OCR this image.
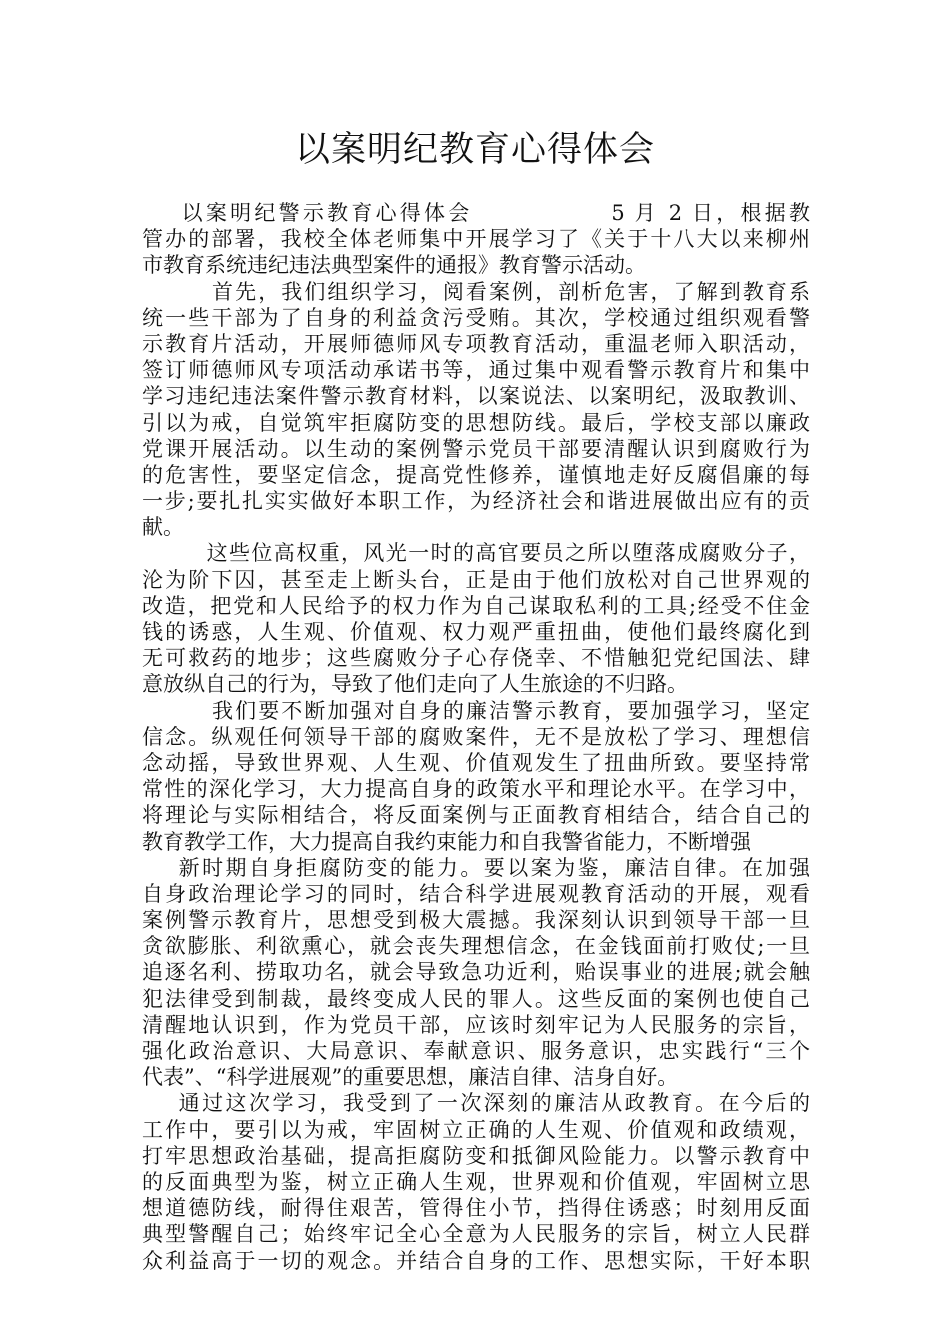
以案明纪教育心得体会
以案明纪警示教育心得体会              5 月 2 日，根据教
管办的部署，我校全体老师集中开展学习了《关于十八大以来柳州
市教育系统违纪违法典型案件的通报》教育警示活动。
首先，我们组织学习，阅看案例，剖析危害，了解到教育系
统一些干部为了自身的利益贪污受贿。其次，学校通过组织观看警
示教育片活动，开展师德师风专项教育活动，重温老师入职活动，
签订师德师风专项活动承诺书等，通过集中观看警示教育片和集中
学习违纪违法案件警示教育材料，以案说法、以案明纪，汲取教训、
引以为戒，自觉筑牢拒腐防变的思想防线。最后，学校支部以廉政
党课开展活动。以生动的案例警示党员干部要清醒认识到腐败行为
的危害性，要坚定信念，提高党性修养，谨慎地走好反腐倡廉的每
一步;要扎扎实实做好本职工作，为经济社会和谐进展做出应有的贡
献。
这些位高权重，风光一时的高官要员之所以堕落成腐败分子，
沦为阶下囚，甚至走上断头台，正是由于他们放松对自己世界观的
改造，把党和人民给予的权力作为自己谋取私利的工具;经受不住金
钱的诱惑，人生观、价值观、权力观严重扭曲，使他们最终腐化到
无可救药的地步；这些腐败分子心存侥幸、不惜触犯党纪国法、肆
意放纵自己的行为，导致了他们走向了人生旅途的不归路。
我们要不断加强对自身的廉洁警示教育，要加强学习，坚定
信念。纵观任何领导干部的腐败案件，无不是放松了学习、理想信
念动摇，导致世界观、人生观、价值观发生了扭曲所致。要坚持常
常性的深化学习，大力提高自身的政策水平和理论水平。在学习中，
将理论与实际相结合，将反面案例与正面教育相结合，结合自己的
教育教学工作，大力提高自我约束能力和自我警省能力，不断增强
新时期自身拒腐防变的能力。要以案为鉴，廉洁自律。在加强
自身政治理论学习的同时，结合科学进展观教育活动的开展，观看
案例警示教育片，思想受到极大震撼。我深刻认识到领导干部一旦
贪欲膨胀、利欲熏心，就会丧失理想信念，在金钱面前打败仗;一旦
追逐名利、捞取功名，就会导致急功近利，贻误事业的进展;就会触
犯法律受到制裁，最终变成人民的罪人。这些反面的案例也使自己
清醒地认识到，作为党员干部，应该时刻牢记为人民服务的宗旨，
强化政治意识、大局意识、奉献意识、服务意识，忠实践行“三个
代表”、“科学进展观”的重要思想，廉洁自律、洁身自好。
通过这次学习，我受到了一次深刻的廉洁从政教育。在今后的
工作中，要引以为戒，牢固树立正确的人生观、价值观和政绩观，
打牢思想政治基础，提高拒腐防变和抵御风险能力。以警示教育中
的反面典型为鉴，树立正确人生观，世界观和价值观，牢固树立思
想道德防线，耐得住艰苦，管得住小节，挡得住诱惑；时刻用反面
典型警醒自己；始终牢记全心全意为人民服务的宗旨，树立人民群
众利益高于一切的观念。并结合自身的工作、思想实际，干好本职
